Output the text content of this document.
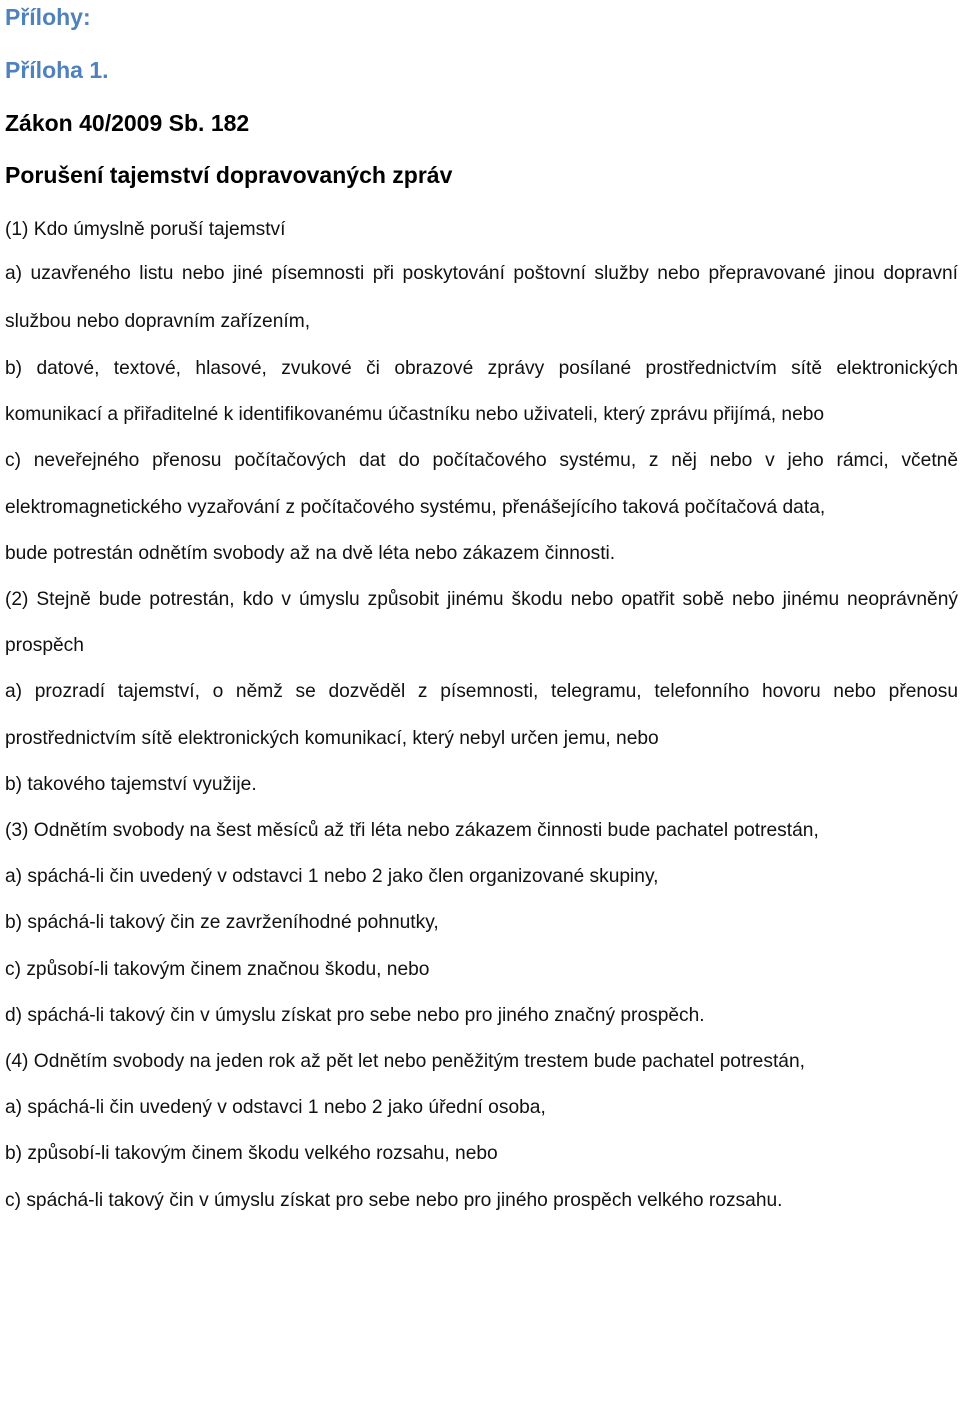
Přílohy:
Příloha 1.
Zákon 40/2009 Sb. 182
Porušení tajemství dopravovaných zpráv

(1) Kdo úmyslně poruší tajemství

a) uzavřeného listu nebo jiné písemnosti při poskytování poštovní služby nebo přepravované jinou dopravní službou nebo dopravním zařízením,

b) datové, textové, hlasové, zvukové či obrazové zprávy posílané prostřednictvím sítě elektronických komunikací a přiřaditelné k identifikovanému účastníku nebo uživateli, který zprávu přijímá, nebo

c) neveřejného přenosu počítačových dat do počítačového systému, z něj nebo v jeho rámci, včetně elektromagnetického vyzařování z počítačového systému, přenášejícího taková počítačová data,

bude potrestán odnětím svobody až na dvě léta nebo zákazem činnosti.

(2) Stejně bude potrestán, kdo v úmyslu způsobit jinému škodu nebo opatřit sobě nebo jinému neoprávněný prospěch

a) prozradí tajemství, o němž se dozvěděl z písemnosti, telegramu, telefonního hovoru nebo přenosu prostřednictvím sítě elektronických komunikací, který nebyl určen jemu, nebo

b) takového tajemství využije.

(3) Odnětím svobody na šest měsíců až tři léta nebo zákazem činnosti bude pachatel potrestán,

a) spáchá-li čin uvedený v odstavci 1 nebo 2 jako člen organizované skupiny,

b) spáchá-li takový čin ze zavrženíhodné pohnutky,

c) způsobí-li takovým činem značnou škodu, nebo

d) spáchá-li takový čin v úmyslu získat pro sebe nebo pro jiného značný prospěch.

(4) Odnětím svobody na jeden rok až pět let nebo peněžitým trestem bude pachatel potrestán,

a) spáchá-li čin uvedený v odstavci 1 nebo 2 jako úřední osoba,

b) způsobí-li takovým činem škodu velkého rozsahu, nebo

c) spáchá-li takový čin v úmyslu získat pro sebe nebo pro jiného prospěch velkého rozsahu.
